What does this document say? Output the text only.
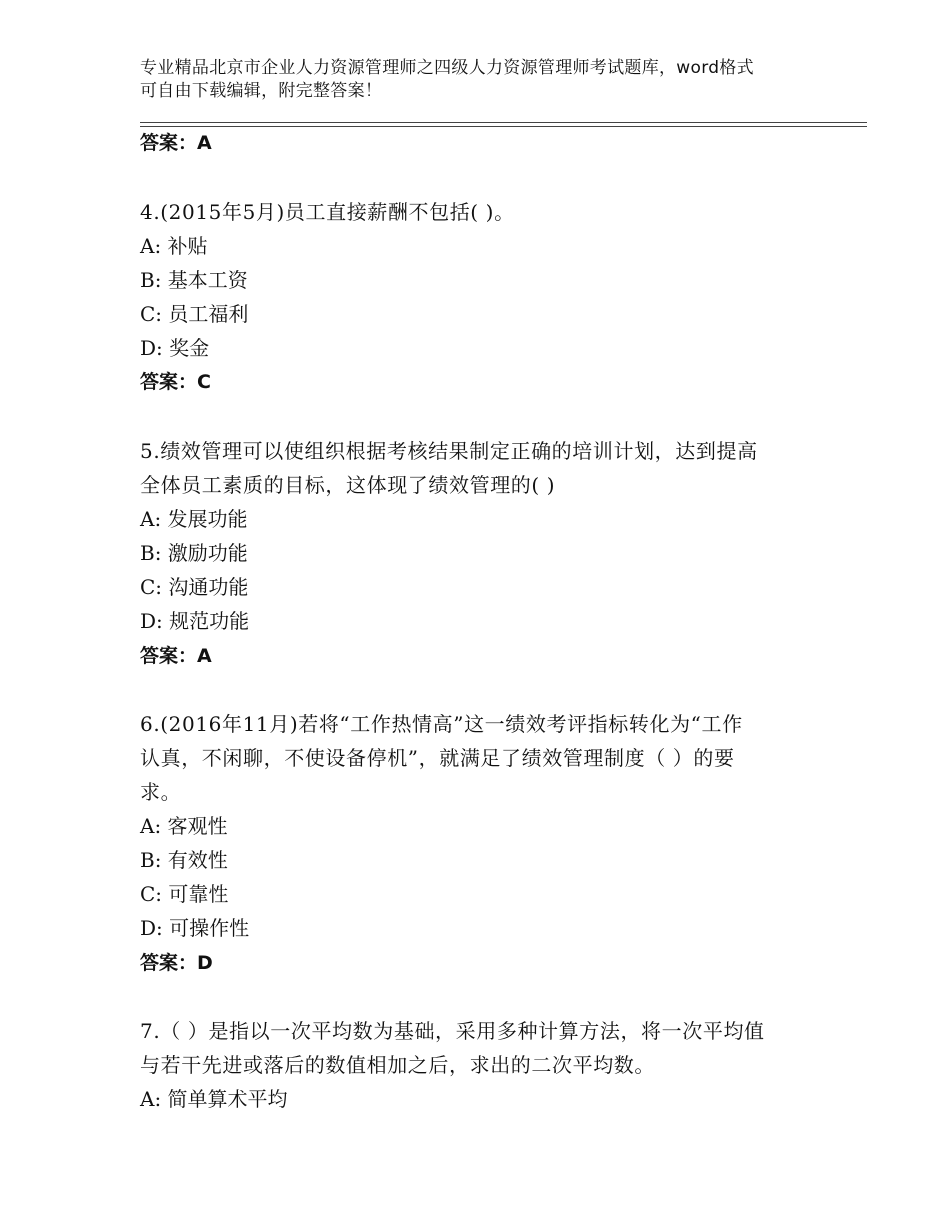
专业精品北京市企业人力资源管理师之四级人力资源管理师考试题库，word格式
可自由下载编辑，附完整答案！
答案：A
4.(2015年5月)员工直接薪酬不包括( )。
A: 补贴
B: 基本工资
C: 员工福利
D: 奖金
答案：C
5.绩效管理可以使组织根据考核结果制定正确的培训计划，达到提高
全体员工素质的目标，这体现了绩效管理的( )
A: 发展功能
B: 激励功能
C: 沟通功能
D: 规范功能
答案：A
6.(2016年11月)若将“工作热情高”这一绩效考评指标转化为“工作
认真，不闲聊，不使设备停机”，就满足了绩效管理制度（ ）的要
求。
A: 客观性
B: 有效性
C: 可靠性
D: 可操作性
答案：D
7.（ ）是指以一次平均数为基础，采用多种计算方法，将一次平均值
与若干先进或落后的数值相加之后，求出的二次平均数。
A: 简单算术平均
